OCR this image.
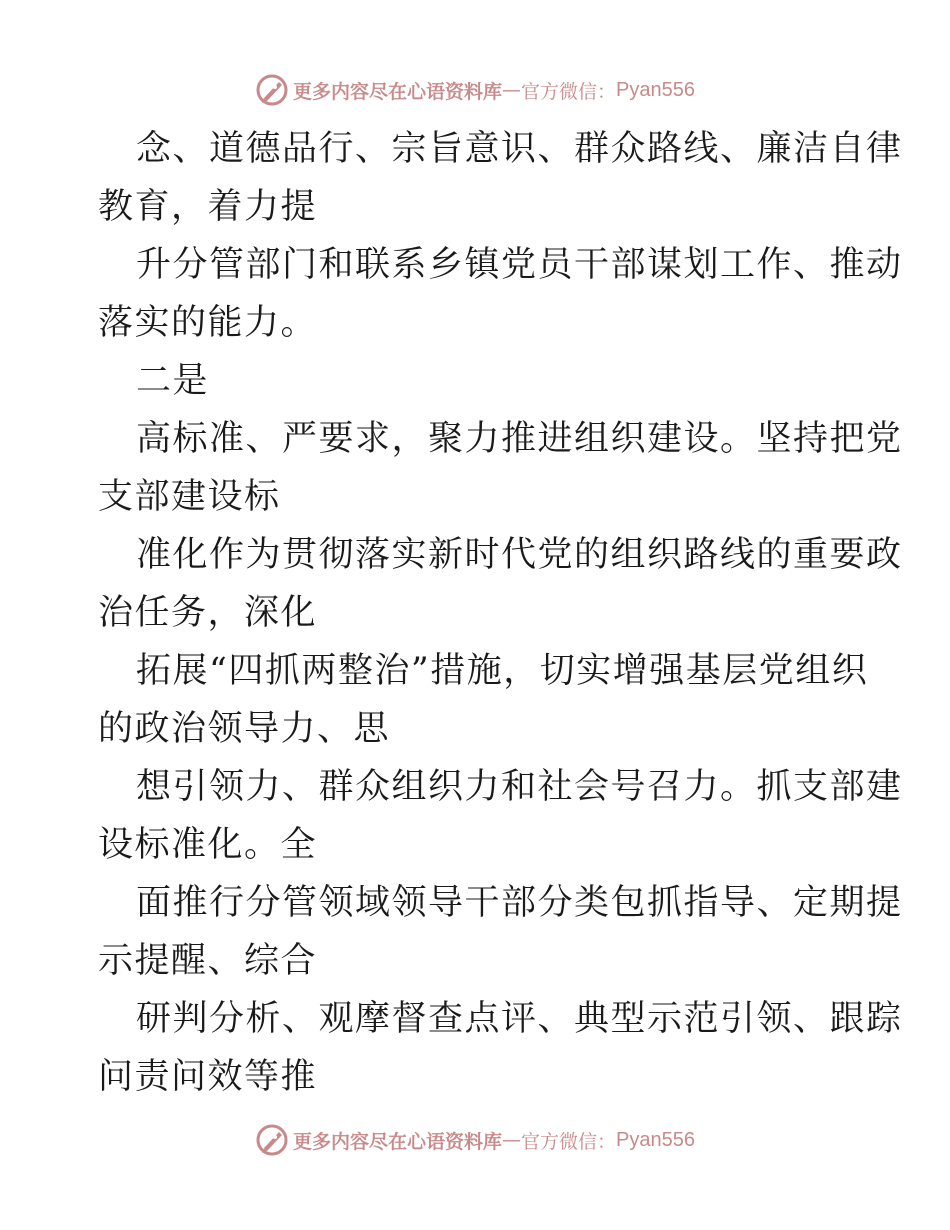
更多内容尽在心语资料库 — 官方微信： Pyan556
念、道德品行、宗旨意识、群众路线、廉洁自律
教育，着力提
升分管部门和联系乡镇党员干部谋划工作、推动
落实的能力。
二是
高标准、严要求，聚力推进组织建设。坚持把党
支部建设标
准化作为贯彻落实新时代党的组织路线的重要政
治任务，深化
拓展“四抓两整治”措施，切实增强基层党组织
的政治领导力、思
想引领力、群众组织力和社会号召力。抓支部建
设标准化。全
面推行分管领域领导干部分类包抓指导、定期提
示提醒、综合
研判分析、观摩督查点评、典型示范引领、跟踪
问责问效等推
更多内容尽在心语资料库 — 官方微信： Pyan556
